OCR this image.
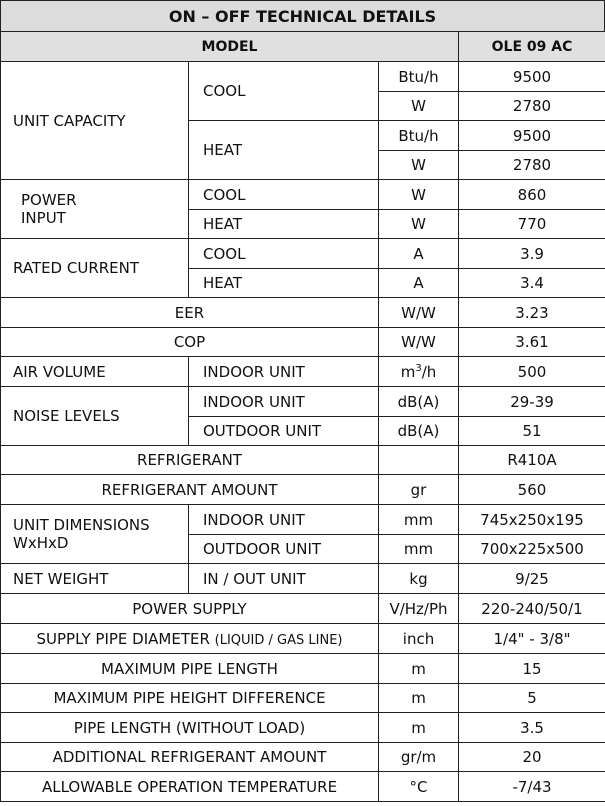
ON – OFF TECHNICAL DETAILS
MODEL			OLE 09 AC
UNIT CAPACITY	COOL	Btu/h	9500
		W	2780
	HEAT	Btu/h	9500
		W	2780

POWER
INPUT	COOL	W	860
	HEAT	W	770
RATED CURRENT	COOL	A	3.9
	HEAT	A	3.4
EER		W/W	3.23
COP		W/W	3.61
AIR VOLUME	INDOOR UNIT	$m^3/h$	500
NOISE LEVELS	INDOOR UNIT	dB(A)	29-39
	OUTDOOR UNIT	dB(A)	51
REFRIGERANT			R410A
REFRIGERANT AMOUNT		gr	560

UNIT DIMENSIONS
WxHxD	INDOOR UNIT	mm	745x250x195
	OUTDOOR UNIT	mm	700x225x500
NET WEIGHT	IN / OUT UNIT	kg	9/25
POWER SUPPLY		V/Hz/Ph	220-240/50/1
SUPPLY PIPE DIAMETER (LIQUID / GAS LINE)		inch	1/4" - 3/8"
MAXIMUM PIPE LENGTH		m	15
MAXIMUM PIPE HEIGHT DIFFERENCE		m	5
PIPE LENGTH (WITHOUT LOAD)		m	3.5
ADDITIONAL REFRIGERANT AMOUNT		gr/m	20
ALLOWABLE OPERATION TEMPERATURE		°C	-7/43
